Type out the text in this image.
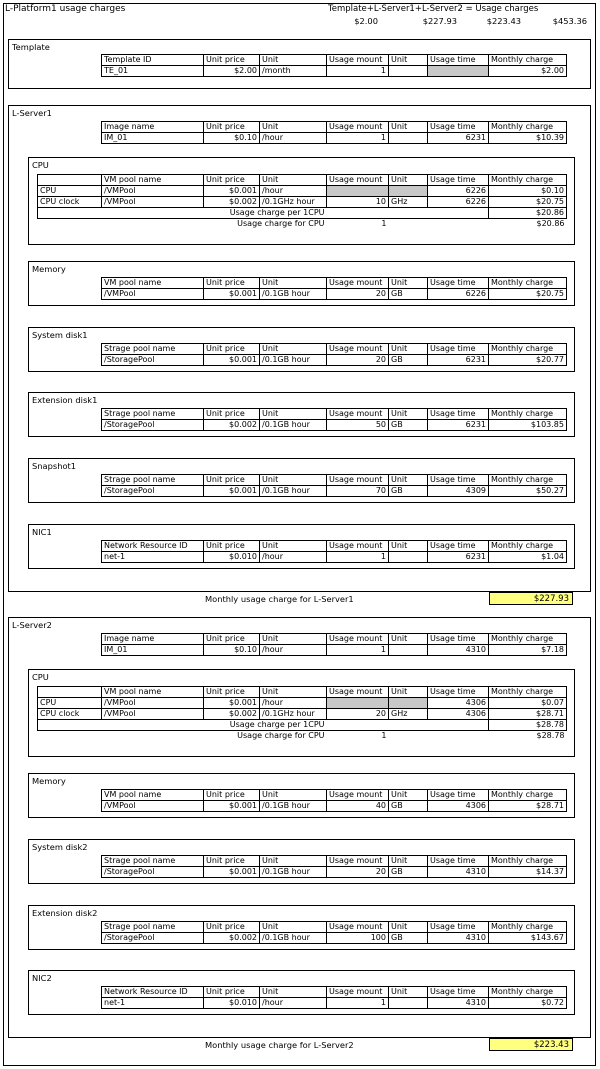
L-Platform1 usage charges	Template+L-Server1+L-Server2 = Usage charges
$2.00	$227.93	$223.43	$453.36
Template
Template ID	Unit price	Unit	Usage mount	Unit	Usage time	Monthly charge
TE_01	$2.00	/month	1			$2.00
L-Server1
Image name	Unit price	Unit	Usage mount	Unit	Usage time	Monthly charge
IM_01	$0.10	/hour	1		6231	$10.39
CPU
	VM pool name	Unit price	Unit	Usage mount	Unit	Usage time	Monthly charge
CPU	/VMPool	$0.001	/hour			6226	$0.10
CPU clock	/VMPool	$0.002	/0.1GHz hour	10	GHz	6226	$20.75
Usage charge per 1CPU							$20.86
Usage charge for CPU				1			$20.86
Memory
VM pool name	Unit price	Unit	Usage mount	Unit	Usage time	Monthly charge
/VMPool	$0.001	/0.1GB hour	20	GB	6226	$20.75
System disk1
Strage pool name	Unit price	Unit	Usage mount	Unit	Usage time	Monthly charge
/StoragePool	$0.001	/0.1GB hour	20	GB	6231	$20.77
Extension disk1
Strage pool name	Unit price	Unit	Usage mount	Unit	Usage time	Monthly charge
/StoragePool	$0.002	/0.1GB hour	50	GB	6231	$103.85
Snapshot1
Strage pool name	Unit price	Unit	Usage mount	Unit	Usage time	Monthly charge
/StoragePool	$0.001	/0.1GB hour	70	GB	4309	$50.27
NIC1
Network Resource ID	Unit price	Unit	Usage mount	Unit	Usage time	Monthly charge
net-1	$0.010	/hour	1		6231	$1.04
Monthly usage charge for L-Server1	$227.93
L-Server2
Image name	Unit price	Unit	Usage mount	Unit	Usage time	Monthly charge
IM_01	$0.10	/hour	1		4310	$7.18
CPU
	VM pool name	Unit price	Unit	Usage mount	Unit	Usage time	Monthly charge
CPU	/VMPool	$0.001	/hour			4306	$0.07
CPU clock	/VMPool	$0.002	/0.1GHz hour	20	GHz	4306	$28.71
Usage charge per 1CPU							$28.78
Usage charge for CPU				1			$28.78
Memory
VM pool name	Unit price	Unit	Usage mount	Unit	Usage time	Monthly charge
/VMPool	$0.001	/0.1GB hour	40	GB	4306	$28.71
System disk2
Strage pool name	Unit price	Unit	Usage mount	Unit	Usage time	Monthly charge
/StoragePool	$0.001	/0.1GB hour	20	GB	4310	$14.37
Extension disk2
Strage pool name	Unit price	Unit	Usage mount	Unit	Usage time	Monthly charge
/StoragePool	$0.002	/0.1GB hour	100	GB	4310	$143.67
NIC2
Network Resource ID	Unit price	Unit	Usage mount	Unit	Usage time	Monthly charge
net-1	$0.010	/hour	1		4310	$0.72
Monthly usage charge for L-Server2	$223.43
